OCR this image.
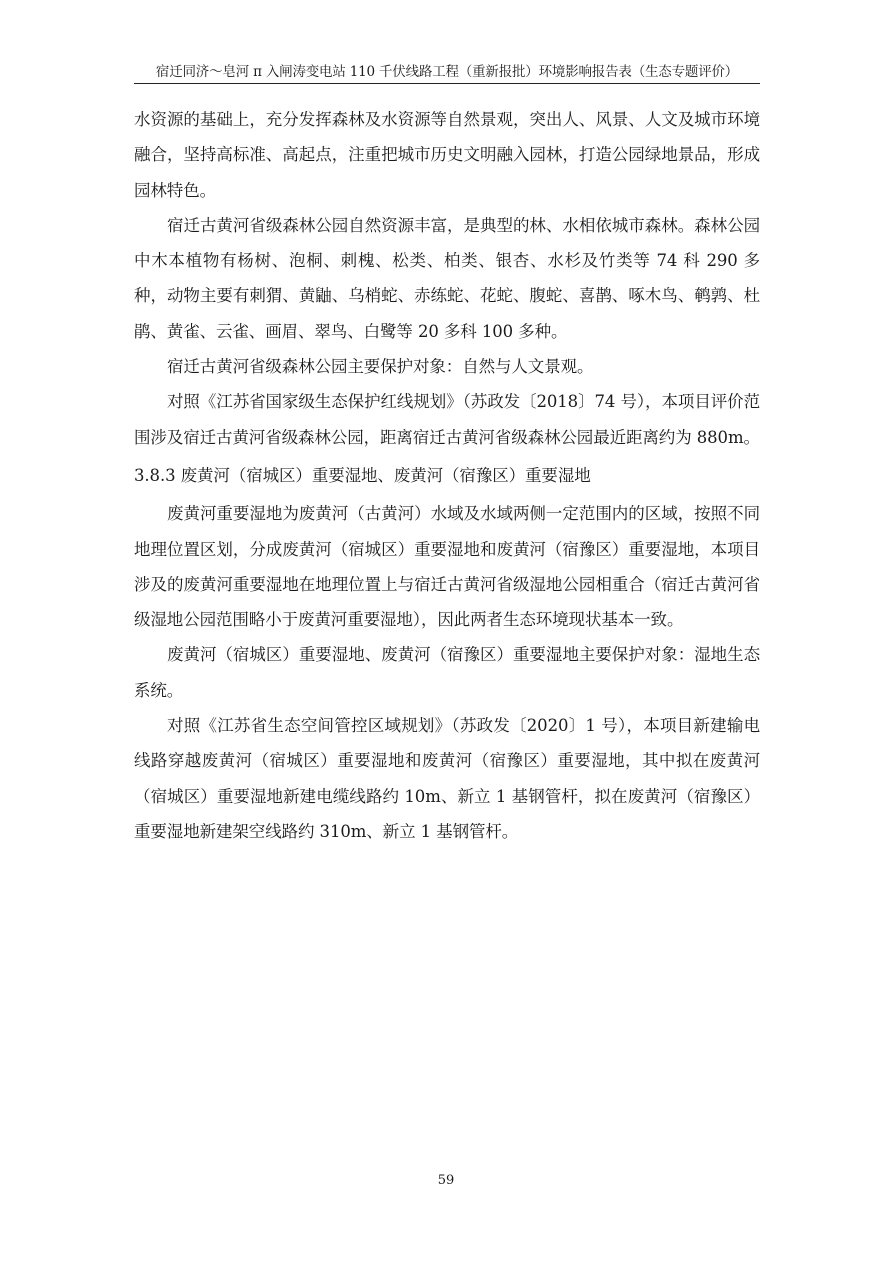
宿迁同济～皂河 π 入闸涛变电站 110 千伏线路工程（重新报批）环境影响报告表（生态专题评价）

水资源的基础上，充分发挥森林及水资源等自然景观，突出人、风景、人文及城市环境融合，坚持高标准、高起点，注重把城市历史文明融入园林，打造公园绿地景品，形成园林特色。

宿迁古黄河省级森林公园自然资源丰富，是典型的林、水相依城市森林。森林公园中木本植物有杨树、泡桐、刺槐、松类、柏类、银杏、水杉及竹类等 74 科 290 多种，动物主要有刺猬、黄鼬、乌梢蛇、赤练蛇、花蛇、腹蛇、喜鹊、啄木鸟、鹌鹑、杜鹃、黄雀、云雀、画眉、翠鸟、白鹭等 20 多科 100 多种。

宿迁古黄河省级森林公园主要保护对象：自然与人文景观。

对照《江苏省国家级生态保护红线规划》（苏政发〔2018〕74 号），本项目评价范围涉及宿迁古黄河省级森林公园，距离宿迁古黄河省级森林公园最近距离约为 880m。

3.8.3 废黄河（宿城区）重要湿地、废黄河（宿豫区）重要湿地

废黄河重要湿地为废黄河（古黄河）水域及水域两侧一定范围内的区域，按照不同地理位置区划，分成废黄河（宿城区）重要湿地和废黄河（宿豫区）重要湿地，本项目涉及的废黄河重要湿地在地理位置上与宿迁古黄河省级湿地公园相重合（宿迁古黄河省级湿地公园范围略小于废黄河重要湿地），因此两者生态环境现状基本一致。

废黄河（宿城区）重要湿地、废黄河（宿豫区）重要湿地主要保护对象：湿地生态系统。

对照《江苏省生态空间管控区域规划》（苏政发〔2020〕1 号），本项目新建输电线路穿越废黄河（宿城区）重要湿地和废黄河（宿豫区）重要湿地，其中拟在废黄河（宿城区）重要湿地新建电缆线路约 10m、新立 1 基钢管杆，拟在废黄河（宿豫区）重要湿地新建架空线路约 310m、新立 1 基钢管杆。

59
